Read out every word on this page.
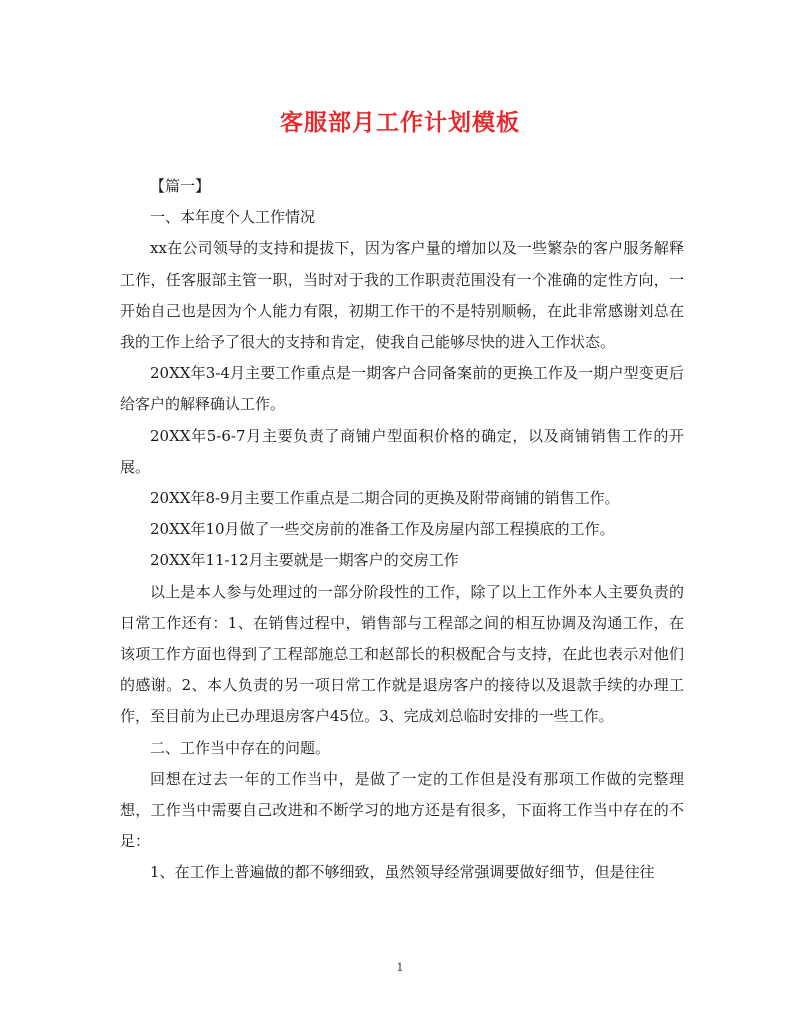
客服部月工作计划模板

【篇一】

一、本年度个人工作情况

xx在公司领导的支持和提拔下，因为客户量的增加以及一些繁杂的客户服务解释工作，任客服部主管一职，当时对于我的工作职责范围没有一个准确的定性方向，一开始自己也是因为个人能力有限，初期工作干的不是特别顺畅，在此非常感谢刘总在我的工作上给予了很大的支持和肯定，使我自己能够尽快的进入工作状态。

20XX年3-4月主要工作重点是一期客户合同备案前的更换工作及一期户型变更后给客户的解释确认工作。

20XX年5-6-7月主要负责了商铺户型面积价格的确定，以及商铺销售工作的开展。

20XX年8-9月主要工作重点是二期合同的更换及附带商铺的销售工作。

20XX年10月做了一些交房前的准备工作及房屋内部工程摸底的工作。

20XX年11-12月主要就是一期客户的交房工作

以上是本人参与处理过的一部分阶段性的工作，除了以上工作外本人主要负责的日常工作还有：1、在销售过程中，销售部与工程部之间的相互协调及沟通工作，在该项工作方面也得到了工程部施总工和赵部长的积极配合与支持，在此也表示对他们的感谢。2、本人负责的另一项日常工作就是退房客户的接待以及退款手续的办理工作，至目前为止已办理退房客户45位。3、完成刘总临时安排的一些工作。

二、工作当中存在的问题。

回想在过去一年的工作当中，是做了一定的工作但是没有那项工作做的完整理想，工作当中需要自己改进和不断学习的地方还是有很多，下面将工作当中存在的不足：

1、在工作上普遍做的都不够细致，虽然领导经常强调要做好细节，但是往往

1
